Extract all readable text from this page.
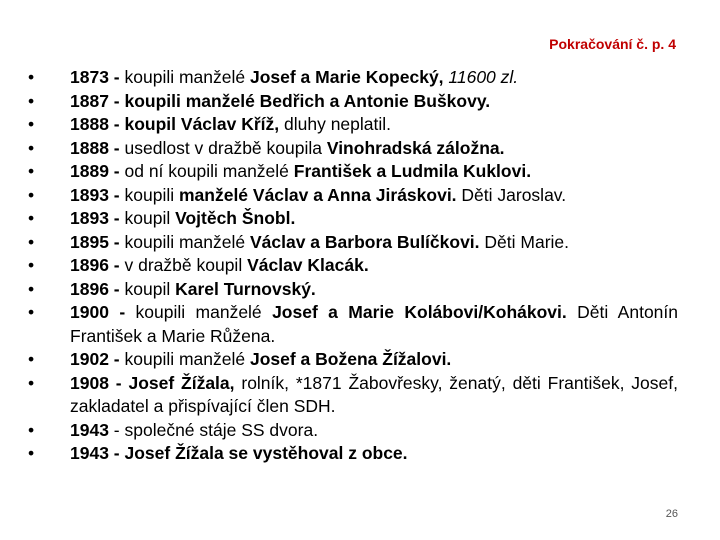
Pokračování č. p. 4
• 1873 - koupili manželé Josef a Marie Kopecký, 11600 zl.
• 1887 - koupili manželé Bedřich a Antonie Buškovy.
• 1888 - koupil Václav Kříž, dluhy neplatil.
• 1888 - usedlost v dražbě koupila Vinohradská záložna.
• 1889 - od ní koupili manželé František a Ludmila Kuklovi.
• 1893 - koupili manželé Václav a Anna Jiráskovi. Děti Jaroslav.
• 1893 - koupil Vojtěch Šnobl.
• 1895 - koupili manželé Václav a Barbora Bulíčkovi. Děti Marie.
• 1896 - v dražbě koupil Václav Klacák.
• 1896 - koupil Karel Turnovský.
• 1900 - koupili manželé Josef a Marie Kolábovi/Kohákovi. Děti Antonín František a Marie Růžena.
• 1902 - koupili manželé Josef a Božena Žížalovi.
• 1908 - Josef Žížala, rolník, *1871 Žabovřesky, ženatý, děti František, Josef, zakladatel a přispívající člen SDH.
• 1943 - společné stáje SS dvora.
• 1943 - Josef Žížala se vystěhoval z obce.
26
